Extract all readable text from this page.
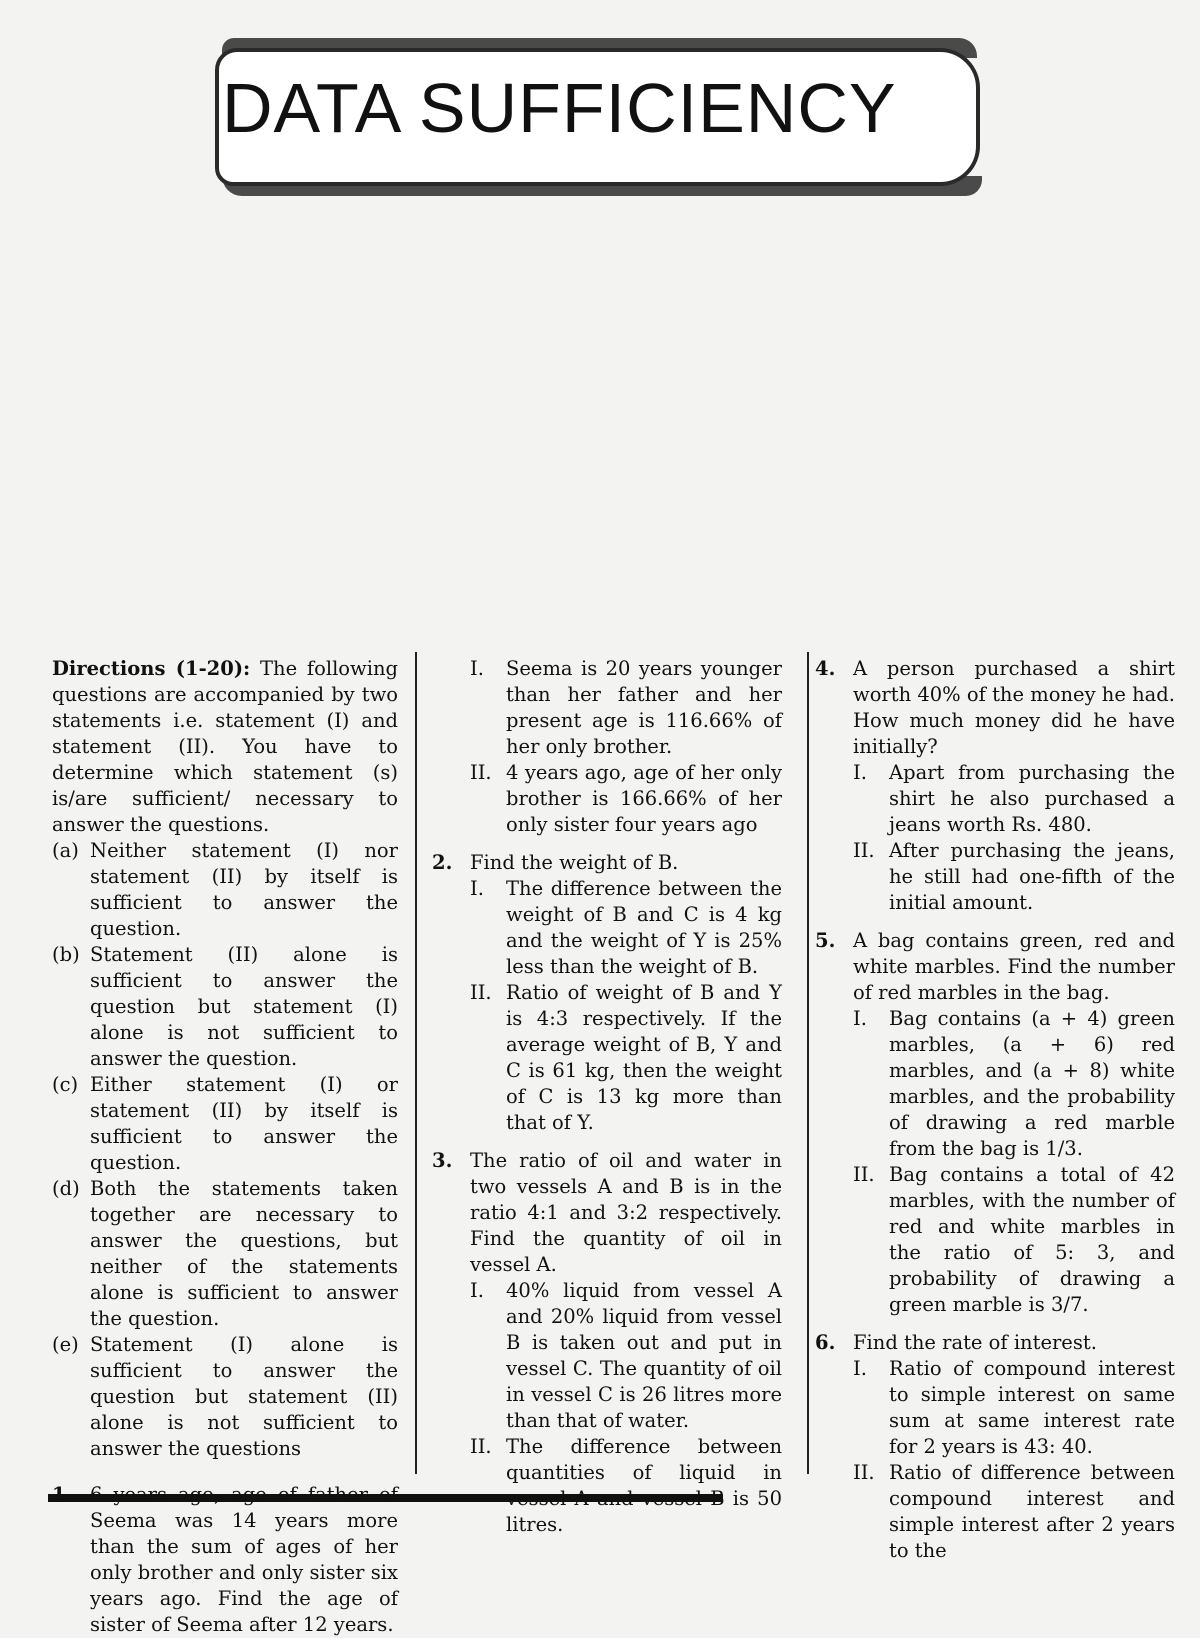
DATA SUFFICIENCY

Directions (1-20): The following questions are accompanied by two statements i.e. statement (I) and statement (II). You have to determine which statement (s) is/are sufficient/ necessary to answer the questions.

(a) Neither statement (I) nor statement (II) by itself is sufficient to answer the question.
(b) Statement (II) alone is sufficient to answer the question but statement (I) alone is not sufficient to answer the question.
(c) Either statement (I) or statement (II) by itself is sufficient to answer the question.
(d) Both the statements taken together are necessary to answer the questions, but neither of the statements alone is sufficient to answer the question.
(e) Statement (I) alone is sufficient to answer the question but statement (II) alone is not sufficient to answer the questions
1. 6 years ago, age of father of Seema was 14 years more than the sum of ages of her only brother and only sister six years ago. Find the age of sister of Seema after 12 years.
I.	Seema is 20 years younger than her father and her present age is 116.66% of her only brother.
II. 4 years ago, age of her only brother is 166.66% of her only sister four years ago
2. Find the weight of B.

I.	The difference between the weight of B and C is 4 kg and the weight of Y is 25% less than the weight of B.
II. Ratio of weight of B and Y is 4:3 respectively. If the average weight of B, Y and C is 61 kg, then the weight of C is 13 kg more than that of Y.
3. The ratio of oil and water in two vessels A and B is in the ratio 4:1 and 3:2 respectively. Find the quantity of oil in vessel A.

I.	40% liquid from vessel A and 20% liquid from vessel B is taken out and put in vessel C. The quantity of oil in vessel C is 26 litres more than that of water.
II. The difference between quantities of liquid in vessel A and vessel B is 50 litres.
4. A person purchased a shirt worth 40% of the money he had. How much money did he have initially?

I.	Apart from purchasing the shirt he also purchased a jeans worth Rs. 480.
II. After purchasing the jeans, he still had one-fifth of the initial amount.
5. A bag contains green, red and white marbles. Find the number of red marbles in the bag.

I.	Bag contains (a + 4) green marbles, (a + 6) red marbles, and (a + 8) white marbles, and the probability of drawing a red marble from the bag is 1/3.
II. Bag contains a total of 42 marbles, with the number of red and white marbles in the ratio of 5: 3, and probability of drawing a green marble is 3/7.
6. Find the rate of interest.

I.	Ratio of compound interest to simple interest on same sum at same interest rate for 2 years is 43: 40.
II. Ratio of difference between compound interest and simple interest after 2 years to the
